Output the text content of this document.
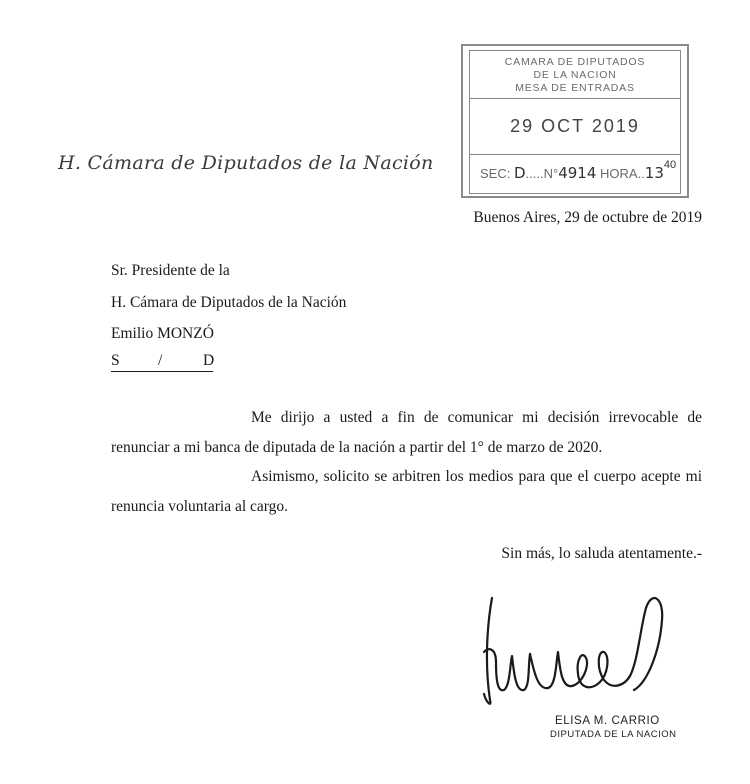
H. Cámara de Diputados de la Nación
CAMARA DE DIPUTADOS
DE LA NACION
MESA DE ENTRADAS
29 OCT 2019
SEC: D.....N°4914 HORA..13$^{40}$
Buenos Aires, 29 de octubre de 2019
Sr. Presidente de la
H. Cámara de Diputados de la Nación
Emilio MONZÓ
S /	D

Me dirijo a usted a fin de comunicar mi decisión irrevocable de renunciar a mi banca de diputada de la nación a partir del 1° de marzo de 2020.
Asimismo, solicito se arbitren los medios para que el cuerpo acepte mi renuncia voluntaria al cargo.
Sin más, lo saluda atentamente.-
ELISA M. CARRIO
DIPUTADA DE LA NACION
